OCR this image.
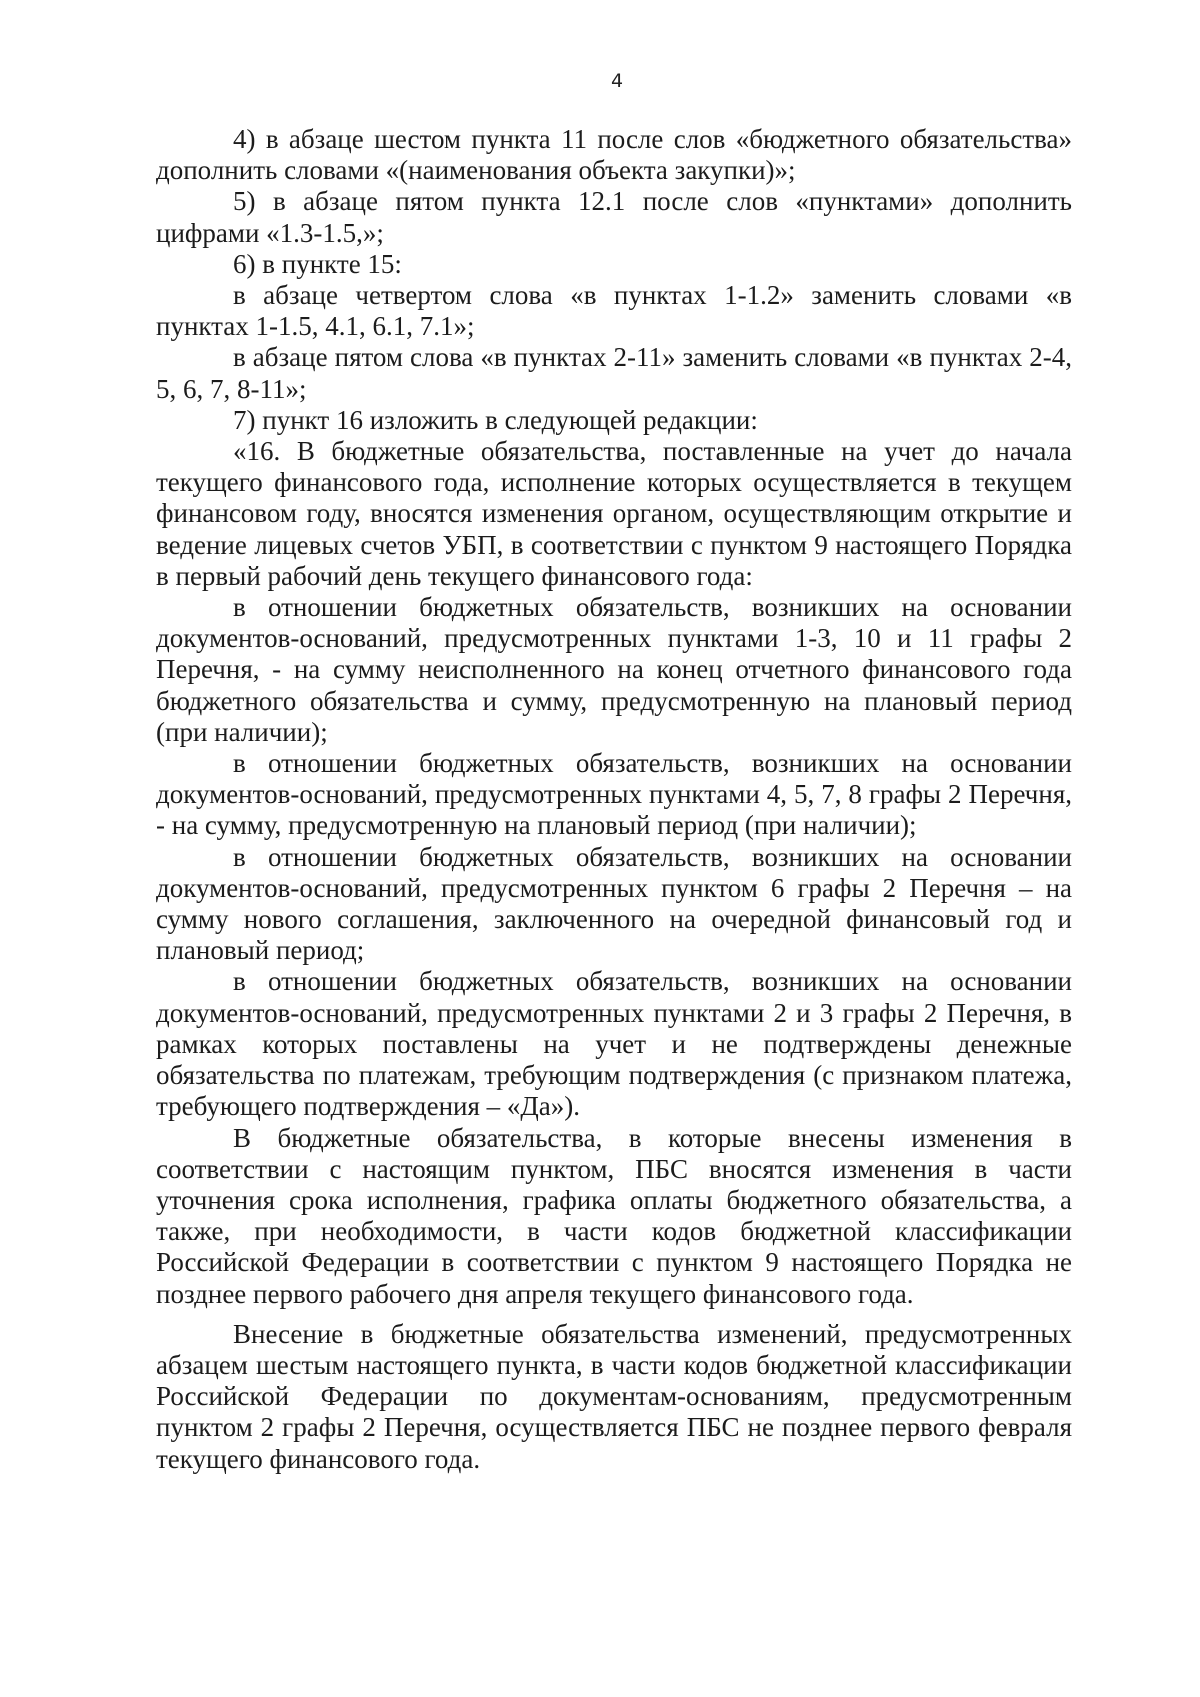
4

4) в абзаце шестом пункта 11 после слов «бюджетного обязательства» дополнить словами «(наименования объекта закупки)»;

5) в абзаце пятом пункта 12.1 после слов «пунктами» дополнить цифрами «1.3-1.5,»;

6) в пункте 15:

в абзаце четвертом слова «в пунктах 1-1.2» заменить словами «в пунктах 1-1.5, 4.1, 6.1, 7.1»;

в абзаце пятом слова «в пунктах 2-11» заменить словами «в пунктах 2-4, 5, 6, 7, 8-11»;

7) пункт 16 изложить в следующей редакции:

«16. В бюджетные обязательства, поставленные на учет до начала текущего финансового года, исполнение которых осуществляется в текущем финансовом году, вносятся изменения органом, осуществляющим открытие и ведение лицевых счетов УБП, в соответствии с пунктом 9 настоящего Порядка в первый рабочий день текущего финансового года:

в отношении бюджетных обязательств, возникших на основании документов-оснований, предусмотренных пунктами 1-3, 10 и 11 графы 2 Перечня, - на сумму неисполненного на конец отчетного финансового года бюджетного обязательства и сумму, предусмотренную на плановый период (при наличии);

в отношении бюджетных обязательств, возникших на основании документов-оснований, предусмотренных пунктами 4, 5, 7, 8 графы 2 Перечня, - на сумму, предусмотренную на плановый период (при наличии);

в отношении бюджетных обязательств, возникших на основании документов-оснований, предусмотренных пунктом 6 графы 2 Перечня – на сумму нового соглашения, заключенного на очередной финансовый год и плановый период;

в отношении бюджетных обязательств, возникших на основании документов-оснований, предусмотренных пунктами 2 и 3 графы 2 Перечня, в рамках которых поставлены на учет и не подтверждены денежные обязательства по платежам, требующим подтверждения (с признаком платежа, требующего подтверждения – «Да»).

В бюджетные обязательства, в которые внесены изменения в соответствии с настоящим пунктом, ПБС вносятся изменения в части уточнения срока исполнения, графика оплаты бюджетного обязательства, а также, при необходимости, в части кодов бюджетной классификации Российской Федерации в соответствии с пунктом 9 настоящего Порядка не позднее первого рабочего дня апреля текущего финансового года.

Внесение в бюджетные обязательства изменений, предусмотренных абзацем шестым настоящего пункта, в части кодов бюджетной классификации Российской Федерации по документам-основаниям, предусмотренным пунктом 2 графы 2 Перечня, осуществляется ПБС не позднее первого февраля текущего финансового года.
